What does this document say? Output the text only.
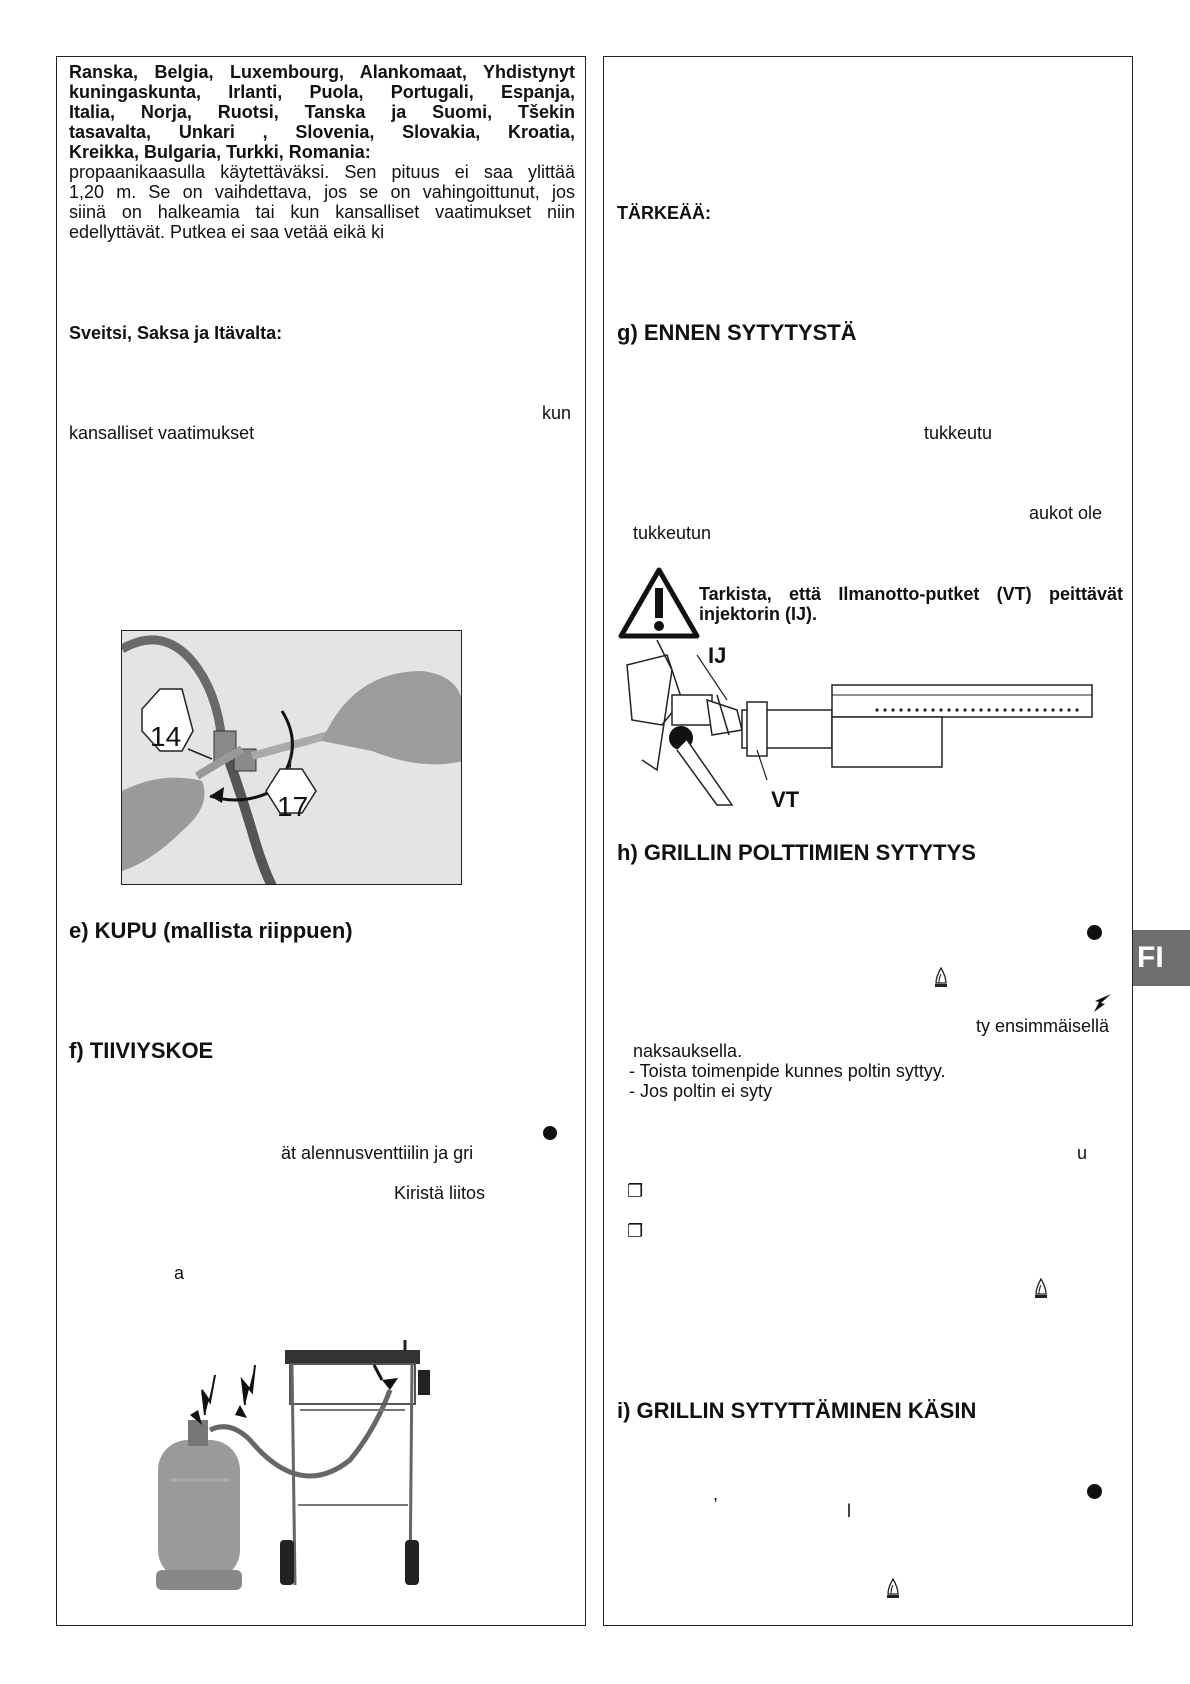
Ranska, Belgia, Luxembourg, Alankomaat, Yhdistynyt
kuningaskunta, Irlanti, Puola, Portugali, Espanja,
Italia, Norja, Ruotsi, Tanska ja Suomi, Tšekin
tasavalta, Unkari , Slovenia, Slovakia, Kroatia,
Kreikka, Bulgaria, Turkki, Romania:
propaanikaasulla käytettäväksi. Sen pituus ei saa ylittää
1,20 m. Se on vaihdettava, jos se on vahingoittunut, jos
siinä on halkeamia tai kun kansalliset vaatimukset niin
edellyttävät. Putkea ei saa vetää eikä ki
Sveitsi, Saksa ja Itävalta:
kun
kansalliset vaatimukset
14
17
e) KUPU (mallista riippuen)
f) TIIVIYSKOE
ät alennusventtiilin ja gri
Kiristä liitos
a
TÄRKEÄÄ:
g) ENNEN SYTYTYSTÄ
tukkeutu
aukot ole
tukkeutun
Tarkista, että Ilmanotto-putket (VT) peittävät
injektorin (IJ).
IJ
VT
h) GRILLIN POLTTIMIEN SYTYTYS
ty ensimmäisellä
naksauksella.
- Toista toimenpide kunnes poltin syttyy.
- Jos poltin ei syty
u
❐
❐
i) GRILLIN SYTYTTÄMINEN KÄSIN
,
l
FI
